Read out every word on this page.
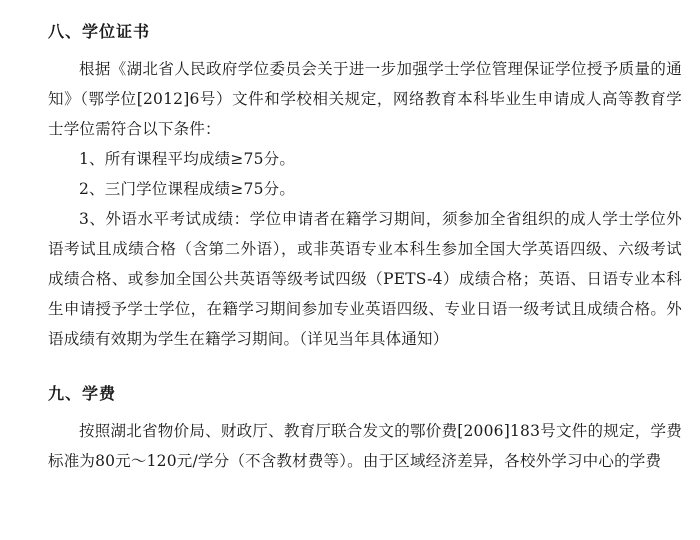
八、学位证书

根据《湖北省人民政府学位委员会关于进一步加强学士学位管理保证学位授予质量的通知》（鄂学位[2012]6号）文件和学校相关规定，网络教育本科毕业生申请成人高等教育学士学位需符合以下条件：

1、所有课程平均成绩≥75分。

2、三门学位课程成绩≥75分。

3、外语水平考试成绩：学位申请者在籍学习期间，须参加全省组织的成人学士学位外语考试且成绩合格（含第二外语），或非英语专业本科生参加全国大学英语四级、六级考试成绩合格、或参加全国公共英语等级考试四级（PETS-4）成绩合格；英语、日语专业本科生申请授予学士学位，在籍学习期间参加专业英语四级、专业日语一级考试且成绩合格。外语成绩有效期为学生在籍学习期间。（详见当年具体通知）

九、学费

按照湖北省物价局、财政厅、教育厅联合发文的鄂价费[2006]183号文件的规定，学费标准为80元～120元/学分（不含教材费等）。由于区域经济差异，各校外学习中心的学费
